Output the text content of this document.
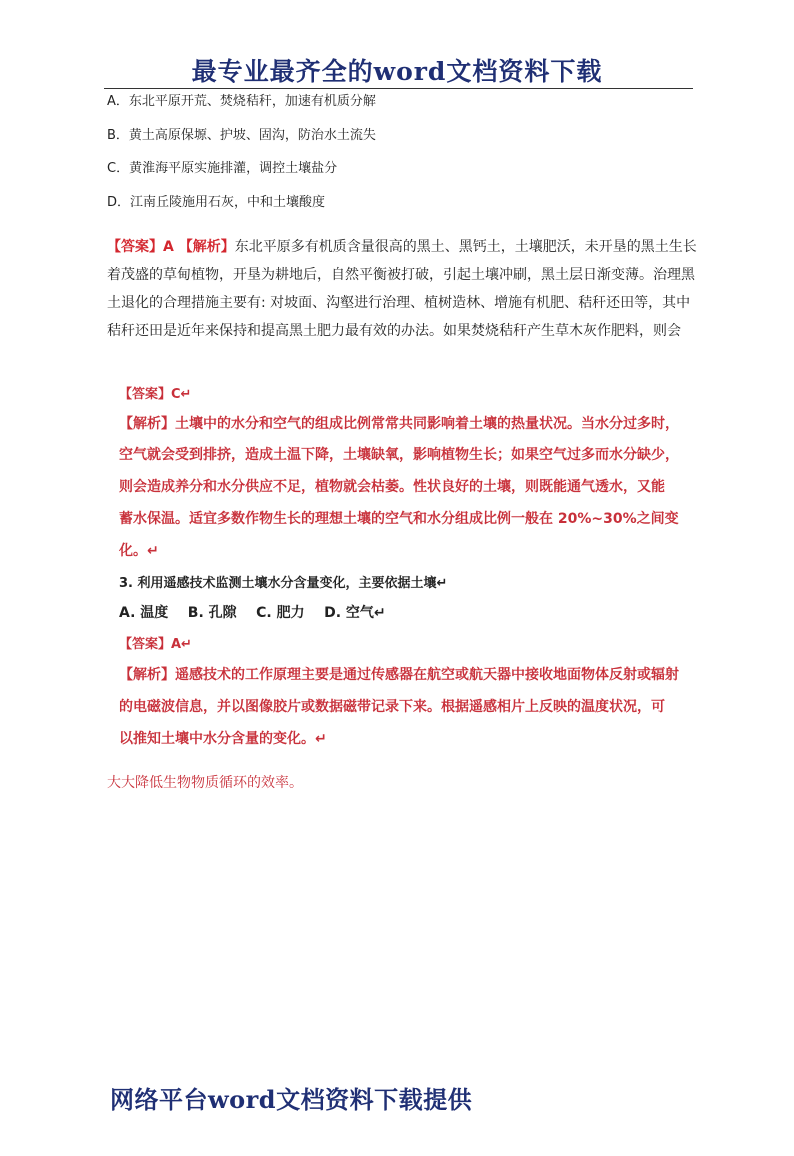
最专业最齐全的word文档资料下载
A．东北平原开荒、焚烧秸秆，加速有机质分解
B．黄土高原保塬、护坡、固沟，防治水土流失
C．黄淮海平原实施排灌，调控土壤盐分
D．江南丘陵施用石灰，中和土壤酸度
【答案】A 【解析】东北平原多有机质含量很高的黑土、黑钙土，土壤肥沃，未开垦的黑土生长着茂盛的草甸植物，开垦为耕地后，自然平衡被打破，引起土壤冲刷，黑土层日渐变薄。治理黑土退化的合理措施主要有: 对坡面、沟壑进行治理、植树造林、增施有机肥、秸秆还田等，其中秸秆还田是近年来保持和提高黑土肥力最有效的办法。如果焚烧秸秆产生草木灰作肥料，则会
【答案】C↵
【解析】土壤中的水分和空气的组成比例常常共同影响着土壤的热量状况。当水分过多时，
空气就会受到排挤，造成土温下降，土壤缺氧，影响植物生长；如果空气过多而水分缺少，
则会造成养分和水分供应不足，植物就会枯萎。性状良好的土壤，则既能通气透水，又能
蓄水保温。适宜多数作物生长的理想土壤的空气和水分组成比例一般在 20%~30%之间变
化。↵
3. 利用遥感技术监测土壤水分含量变化，主要依据土壤↵
A. 温度    B. 孔隙    C. 肥力    D. 空气↵
【答案】A↵
【解析】遥感技术的工作原理主要是通过传感器在航空或航天器中接收地面物体反射或辐射
的电磁波信息，并以图像胶片或数据磁带记录下来。根据遥感相片上反映的温度状况，可
以推知土壤中水分含量的变化。↵
大大降低生物物质循环的效率。
网络平台word文档资料下载提供
